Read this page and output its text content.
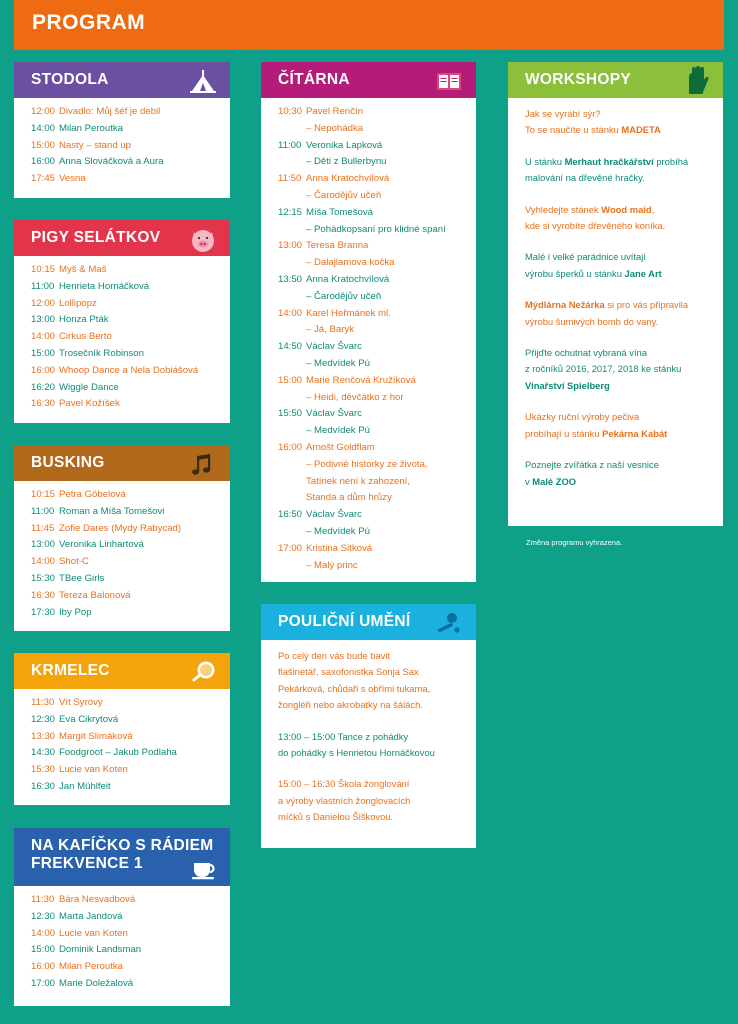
PROGRAM
STODOLA
12:00 Divadlo: Můj šéf je debil
14:00 Milan Peroutka
15:00 Nasty – stand up
16:00 Anna Slováčková a Aura
17:45 Vesna
PIGY SELÁTKOV
10:15 Myš & Maš
11:00 Henrieta Hornáčková
12:00 Lollipopz
13:00 Honza Pták
14:00 Cirkus Berto
15:00 Trosečník Robinson
16:00 Whoop Dance a Nela Dobiášová
16:20 Wiggle Dance
16:30 Pavel Kožíšek
BUSKING
10:15 Petra Göbelová
11:00 Roman a Míša Tomešovi
11:45 Zofie Dares (Mydy Rabycad)
13:00 Veronika Linhartová
14:00 Shot-C
15:30 TBee Girls
16:30 Tereza Balonová
17:30 Iby Pop
KRMELEC
11:30 Vít Syrový
12:30 Eva Cikrytová
13:30 Margit Slimáková
14:30 Foodgroot – Jakub Podlaha
15:30 Lucie van Koten
16:30 Jan Mühlfeit
NA KAFÍČKO S RÁDIEM
FREKVENCE 1
11:30 Bára Nesvadbová
12:30 Marta Jandová
14:00 Lucie van Koten
15:00 Dominik Landsman
16:00 Milan Peroutka
17:00 Marie Doležalová
ČÍTÁRNA
10:30 Pavel Renčín
– Nepohádka
11:00 Veronika Lapková
– Děti z Bullerbynu
11:50 Anna Kratochvílová
– Čarodějův učeň
12:15 Míša Tomešová
– Pohádkopsaní pro klidné spaní
13:00 Teresa Branna
– Dalajlamova kočka
13:50 Anna Kratochvílová
– Čarodějův učeň
14:00 Karel Heřmánek ml.
– Já, Baryk
14:50 Václav Švarc
– Medvídek Pú
15:00 Marie Renčová Kružíková
– Heidi, děvčátko z hor
15:50 Václav Švarc
– Medvídek Pú
16:00 Arnošt Goldflam
– Podivné historky ze života,
Tatínek není k zahození,
Standa a dům hrůzy
16:50 Václav Švarc
– Medvídek Pú
17:00 Kristina Sitková
– Malý princ
POULIČNÍ UMĚNÍ

Po celý den vás bude bavit
flašinetář, saxofonistka Sonja Sax
Pekárková, chůdaři s obřími tukama,
žongléři nebo akrobatky na šálách.

13:00 – 15:00 Tance z pohádky
do pohádky s Henrietou Hornáčkovou

15:00 – 16:30 Škola žonglování
a výroby vlastních žonglovacích
míčků s Danielou Šiškovou.

WORKSHOPY

Jak se vyrábí sýr?
To se naučíte u stánku MADETA

U stánku Merhaut hračkářství probíhá
malování na dřevěné hračky.

Vyhledejte stánek Wood maid,
kde si vyrobíte dřevěného koníka.

Malé i velké parádnice uvítají
výrobu šperků u stánku Jane Art

Mýdlárna Nežárka si pro vás připravila
výrobu šumivých bomb do vany.

Přijďte ochutnat vybraná vína
z ročníků 2016, 2017, 2018 ke stánku
Vinařství Spielberg

Ukázky ruční výroby pečiva
probíhají u stánku Pekárna Kabát

Poznejte zvířátka z naší vesnice
v Malé ZOO

Změna programu vyhrazena.
